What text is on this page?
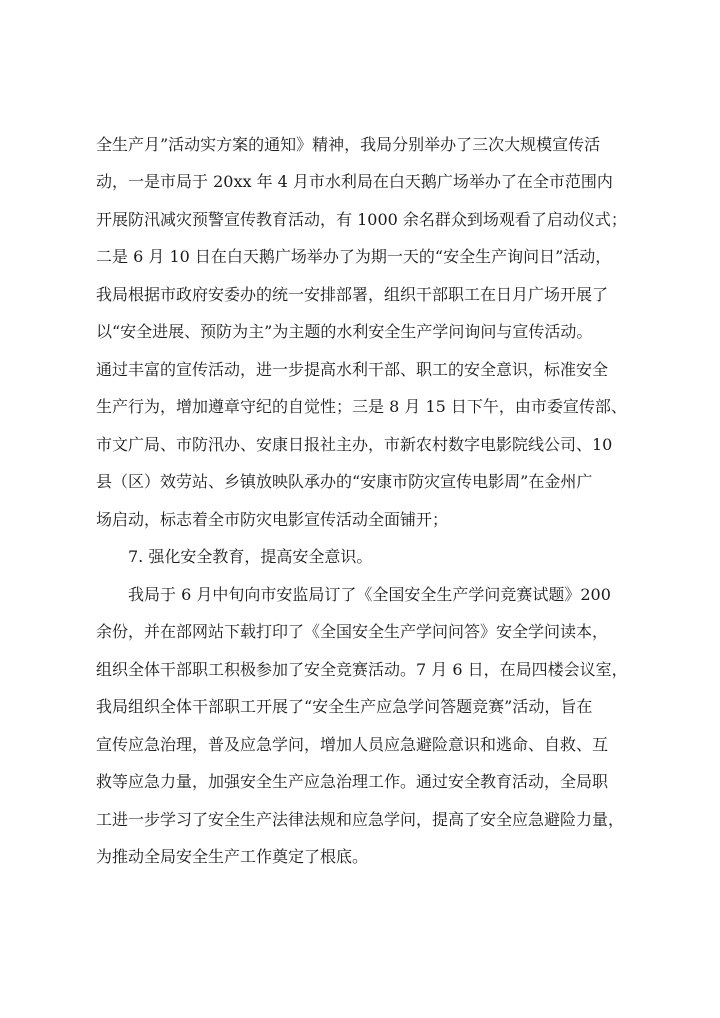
全生产月”活动实方案的通知》精神，我局分别举办了三次大规模宣传活
动，一是市局于 20xx 年 4 月市水利局在白天鹅广场举办了在全市范围内
开展防汛减灾预警宣传教育活动，有 1000 余名群众到场观看了启动仪式；
二是 6 月 10 日在白天鹅广场举办了为期一天的“安全生产询问日”活动，
我局根据市政府安委办的统一安排部署，组织干部职工在日月广场开展了
以“安全进展、预防为主”为主题的水利安全生产学问询问与宣传活动。
通过丰富的宣传活动，进一步提高水利干部、职工的安全意识，标准安全
生产行为，增加遵章守纪的自觉性；三是 8 月 15 日下午，由市委宣传部、
市文广局、市防汛办、安康日报社主办，市新农村数字电影院线公司、10
县（区）效劳站、乡镇放映队承办的“安康市防灾宣传电影周”在金州广
场启动，标志着全市防灾电影宣传活动全面铺开；
　　7. 强化安全教育，提高安全意识。
　　我局于 6 月中旬向市安监局订了《全国安全生产学问竞赛试题》200
余份，并在部网站下载打印了《全国安全生产学问问答》安全学问读本，
组织全体干部职工积极参加了安全竞赛活动。7 月 6 日，在局四楼会议室，
我局组织全体干部职工开展了“安全生产应急学问答题竞赛”活动，旨在
宣传应急治理，普及应急学问，增加人员应急避险意识和逃命、自救、互
救等应急力量，加强安全生产应急治理工作。通过安全教育活动，全局职
工进一步学习了安全生产法律法规和应急学问，提高了安全应急避险力量，
为推动全局安全生产工作奠定了根底。
